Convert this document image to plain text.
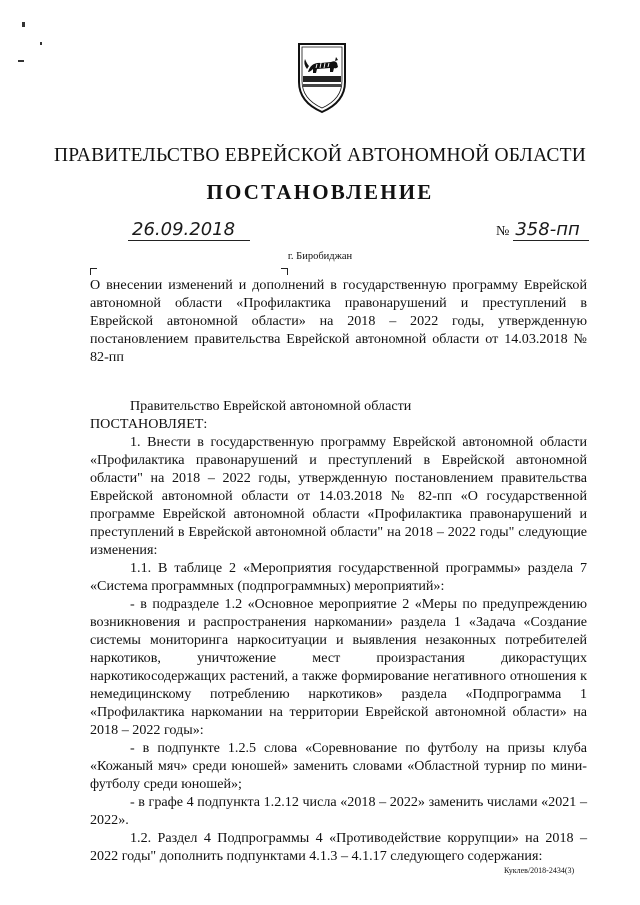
ПРАВИТЕЛЬСТВО ЕВРЕЙСКОЙ АВТОНОМНОЙ ОБЛАСТИ
ПОСТАНОВЛЕНИЕ
26.09.2018	№ 358-пп
г. Биробиджан

О внесении изменений и дополнений в государственную программу Еврейской автономной области «Профилактика правонарушений и преступлений в Еврейской автономной области» на 2018 – 2022 годы, утвержденную постановлением правительства Еврейской автономной области от 14.03.2018 № 82-пп

Правительство Еврейской автономной области

ПОСТАНОВЛЯЕТ:

1. Внести в государственную программу Еврейской автономной области «Профилактика правонарушений и преступлений в Еврейской автономной области" на 2018 – 2022 годы, утвержденную постановлением правительства Еврейской автономной области от 14.03.2018 № 82-пп «О государственной программе Еврейской автономной области «Профилактика правонарушений и преступлений в Еврейской автономной области" на 2018 – 2022 годы" следующие изменения:

1.1. В таблице 2 «Мероприятия государственной программы» раздела 7 «Система программных (подпрограммных) мероприятий»:

- в подразделе 1.2 «Основное мероприятие 2 «Меры по предупреждению возникновения и распространения наркомании» раздела 1 «Задача «Создание системы мониторинга наркоситуации и выявления незаконных потребителей наркотиков, уничтожение мест произрастания дикорастущих наркотикосодержащих растений, а также формирование негативного отношения к немедицинскому потреблению наркотиков» раздела «Подпрограмма 1 «Профилактика наркомании на территории Еврейской автономной области» на 2018 – 2022 годы»:

- в подпункте 1.2.5 слова «Соревнование по футболу на призы клуба «Кожаный мяч» среди юношей» заменить словами «Областной турнир по мини-футболу среди юношей»;

- в графе 4 подпункта 1.2.12 числа «2018 – 2022» заменить числами «2021 – 2022».

1.2. Раздел 4 Подпрограммы 4 «Противодействие коррупции» на 2018 – 2022 годы" дополнить подпунктами 4.1.3 – 4.1.17 следующего содержания:

Куклев/2018-2434(3)
